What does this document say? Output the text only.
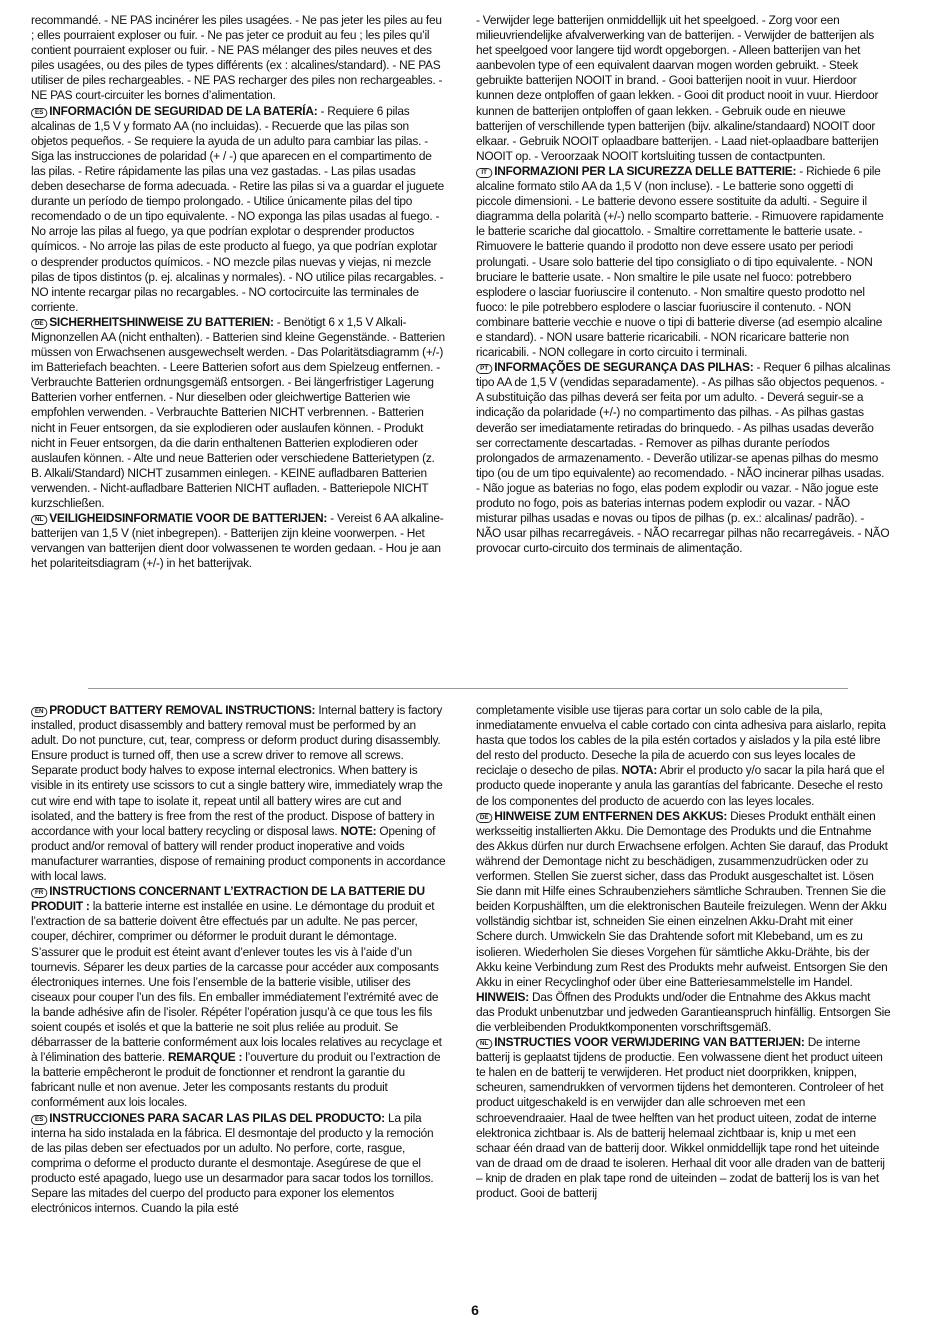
recommandé. - NE PAS incinérer les piles usagées. - Ne pas jeter les piles au feu ; elles pourraient exploser ou fuir. - Ne pas jeter ce produit au feu ; les piles qu’il contient pourraient exploser ou fuir. - NE PAS mélanger des piles neuves et des piles usagées, ou des piles de types différents (ex : alcalines/standard). - NE PAS utiliser de piles rechargeables. - NE PAS recharger des piles non rechargeables. - NE PAS court-circuiter les bornes d’alimentation.

ES INFORMACIÓN DE SEGURIDAD DE LA BATERÍA: - Requiere 6 pilas alcalinas de 1,5 V y formato AA (no incluidas). - Recuerde que las pilas son objetos pequeños. - Se requiere la ayuda de un adulto para cambiar las pilas. - Siga las instrucciones de polaridad (+ / -) que aparecen en el compartimento de las pilas. - Retire rápidamente las pilas una vez gastadas. - Las pilas usadas deben desecharse de forma adecuada. - Retire las pilas si va a guardar el juguete durante un período de tiempo prolongado. - Utilice únicamente pilas del tipo recomendado o de un tipo equivalente. - NO exponga las pilas usadas al fuego. - No arroje las pilas al fuego, ya que podrían explotar o desprender productos químicos. - No arroje las pilas de este producto al fuego, ya que podrían explotar o desprender productos químicos. - NO mezcle pilas nuevas y viejas, ni mezcle pilas de tipos distintos (p. ej. alcalinas y normales). - NO utilice pilas recargables. - NO intente recargar pilas no recargables. - NO cortocircuite las terminales de corriente.

DE SICHERHEITSHINWEISE ZU BATTERIEN: - Benötigt 6 x 1,5 V Alkali-Mignonzellen AA (nicht enthalten). - Batterien sind kleine Gegenstände. - Batterien müssen von Erwachsenen ausgewechselt werden. - Das Polaritätsdiagramm (+/-) im Batteriefach beachten. - Leere Batterien sofort aus dem Spielzeug entfernen. - Verbrauchte Batterien ordnungsgemäß entsorgen. - Bei längerfristiger Lagerung Batterien vorher entfernen. - Nur dieselben oder gleichwertige Batterien wie empfohlen verwenden. - Verbrauchte Batterien NICHT verbrennen. - Batterien nicht in Feuer entsorgen, da sie explodieren oder auslaufen können. - Produkt nicht in Feuer entsorgen, da die darin enthaltenen Batterien explodieren oder auslaufen können. - Alte und neue Batterien oder verschiedene Batterietypen (z. B. Alkali/Standard) NICHT zusammen einlegen. - KEINE aufladbaren Batterien verwenden. - Nicht-aufladbare Batterien NICHT aufladen. - Batteriepole NICHT kurzschließen.

NL VEILIGHEIDSINFORMATIE VOOR DE BATTERIJEN: - Vereist 6 AA alkaline-batterijen van 1,5 V (niet inbegrepen). - Batterijen zijn kleine voorwerpen. - Het vervangen van batterijen dient door volwassenen te worden gedaan. - Hou je aan het polariteitsdiagram (+/-) in het batterijvak.

- Verwijder lege batterijen onmiddellijk uit het speelgoed. - Zorg voor een milieuvriendelijke afvalverwerking van de batterijen. - Verwijder de batterijen als het speelgoed voor langere tijd wordt opgeborgen. - Alleen batterijen van het aanbevolen type of een equivalent daarvan mogen worden gebruikt. - Steek gebruikte batterijen NOOIT in brand. - Gooi batterijen nooit in vuur. Hierdoor kunnen deze ontploffen of gaan lekken. - Gooi dit product nooit in vuur. Hierdoor kunnen de batterijen ontploffen of gaan lekken. - Gebruik oude en nieuwe batterijen of verschillende typen batterijen (bijv. alkaline/standaard) NOOIT door elkaar. - Gebruik NOOIT oplaadbare batterijen. - Laad niet-oplaadbare batterijen NOOIT op. - Veroorzaak NOOIT kortsluiting tussen de contactpunten.

IT INFORMAZIONI PER LA SICUREZZA DELLE BATTERIE: - Richiede 6 pile alcaline formato stilo AA da 1,5 V (non incluse). - Le batterie sono oggetti di piccole dimensioni. - Le batterie devono essere sostituite da adulti. - Seguire il diagramma della polarità (+/-) nello scomparto batterie. - Rimuovere rapidamente le batterie scariche dal giocattolo. - Smaltire correttamente le batterie usate. - Rimuovere le batterie quando il prodotto non deve essere usato per periodi prolungati. - Usare solo batterie del tipo consigliato o di tipo equivalente. - NON bruciare le batterie usate. - Non smaltire le pile usate nel fuoco: potrebbero esplodere o lasciar fuoriuscire il contenuto. - Non smaltire questo prodotto nel fuoco: le pile potrebbero esplodere o lasciar fuoriuscire il contenuto. - NON combinare batterie vecchie e nuove o tipi di batterie diverse (ad esempio alcaline e standard). - NON usare batterie ricaricabili. - NON ricaricare batterie non ricaricabili. - NON collegare in corto circuito i terminali.

PT INFORMAÇÕES DE SEGURANÇA DAS PILHAS: - Requer 6 pilhas alcalinas tipo AA de 1,5 V (vendidas separadamente). - As pilhas são objectos pequenos. - A substituição das pilhas deverá ser feita por um adulto. - Deverá seguir-se a indicação da polaridade (+/-) no compartimento das pilhas. - As pilhas gastas deverão ser imediatamente retiradas do brinquedo. - As pilhas usadas deverão ser correctamente descartadas. - Remover as pilhas durante períodos prolongados de armazenamento. - Deverão utilizar-se apenas pilhas do mesmo tipo (ou de um tipo equivalente) ao recomendado. - NÃO incinerar pilhas usadas. - Não jogue as baterias no fogo, elas podem explodir ou vazar. - Não jogue este produto no fogo, pois as baterias internas podem explodir ou vazar. - NÃO misturar pilhas usadas e novas ou tipos de pilhas (p. ex.: alcalinas/ padrão). - NÃO usar pilhas recarregáveis. - NÃO recarregar pilhas não recarregáveis. - NÃO provocar curto-circuito dos terminais de alimentação.

EN PRODUCT BATTERY REMOVAL INSTRUCTIONS: Internal battery is factory installed, product disassembly and battery removal must be performed by an adult. Do not puncture, cut, tear, compress or deform product during disassembly. Ensure product is turned off, then use a screw driver to remove all screws. Separate product body halves to expose internal electronics. When battery is visible in its entirety use scissors to cut a single battery wire, immediately wrap the cut wire end with tape to isolate it, repeat until all battery wires are cut and isolated, and the battery is free from the rest of the product. Dispose of battery in accordance with your local battery recycling or disposal laws. NOTE: Opening of product and/or removal of battery will render product inoperative and voids manufacturer warranties, dispose of remaining product components in accordance with local laws.

FR INSTRUCTIONS CONCERNANT L’EXTRACTION DE LA BATTERIE DU PRODUIT : la batterie interne est installée en usine. Le démontage du produit et l’extraction de sa batterie doivent être effectués par un adulte. Ne pas percer, couper, déchirer, comprimer ou déformer le produit durant le démontage. S’assurer que le produit est éteint avant d’enlever toutes les vis à l’aide d’un tournevis. Séparer les deux parties de la carcasse pour accéder aux composants électroniques internes. Une fois l’ensemble de la batterie visible, utiliser des ciseaux pour couper l’un des fils. En emballer immédiatement l’extrémité avec de la bande adhésive afin de l’isoler. Répéter l’opération jusqu’à ce que tous les fils soient coupés et isolés et que la batterie ne soit plus reliée au produit. Se débarrasser de la batterie conformément aux lois locales relatives au recyclage et à l’élimination des batterie. REMARQUE : l’ouverture du produit ou l’extraction de la batterie empêcheront le produit de fonctionner et rendront la garantie du fabricant nulle et non avenue. Jeter les composants restants du produit conformément aux lois locales.

ES INSTRUCCIONES PARA SACAR LAS PILAS DEL PRODUCTO: La pila interna ha sido instalada en la fábrica. El desmontaje del producto y la remoción de las pilas deben ser efectuados por un adulto. No perfore, corte, rasgue, comprima o deforme el producto durante el desmontaje. Asegúrese de que el producto esté apagado, luego use un desarmador para sacar todos los tornillos. Separe las mitades del cuerpo del producto para exponer los elementos electrónicos internos. Cuando la pila esté

completamente visible use tijeras para cortar un solo cable de la pila, inmediatamente envuelva el cable cortado con cinta adhesiva para aislarlo, repita hasta que todos los cables de la pila estén cortados y aislados y la pila esté libre del resto del producto. Deseche la pila de acuerdo con sus leyes locales de reciclaje o desecho de pilas. NOTA: Abrir el producto y/o sacar la pila hará que el producto quede inoperante y anula las garantías del fabricante. Deseche el resto de los componentes del producto de acuerdo con las leyes locales.

DE HINWEISE ZUM ENTFERNEN DES AKKUS: Dieses Produkt enthält einen werksseitig installierten Akku. Die Demontage des Produkts und die Entnahme des Akkus dürfen nur durch Erwachsene erfolgen. Achten Sie darauf, das Produkt während der Demontage nicht zu beschädigen, zusammenzudrücken oder zu verformen. Stellen Sie zuerst sicher, dass das Produkt ausgeschaltet ist. Lösen Sie dann mit Hilfe eines Schraubenziehers sämtliche Schrauben. Trennen Sie die beiden Korpushälften, um die elektronischen Bauteile freizulegen. Wenn der Akku vollständig sichtbar ist, schneiden Sie einen einzelnen Akku-Draht mit einer Schere durch. Umwickeln Sie das Drahtende sofort mit Klebeband, um es zu isolieren. Wiederholen Sie dieses Vorgehen für sämtliche Akku-Drähte, bis der Akku keine Verbindung zum Rest des Produkts mehr aufweist. Entsorgen Sie den Akku in einer Recyclinghof oder über eine Batteriesammelstelle im Handel. HINWEIS: Das Öffnen des Produkts und/oder die Entnahme des Akkus macht das Produkt unbenutzbar und jedweden Garantieanspruch hinfällig. Entsorgen Sie die verbleibenden Produktkomponenten vorschriftsgemäß.

NL INSTRUCTIES VOOR VERWIJDERING VAN BATTERIJEN: De interne batterij is geplaatst tijdens de productie. Een volwassene dient het product uiteen te halen en de batterij te verwijderen. Het product niet doorprikken, knippen, scheuren, samendrukken of vervormen tijdens het demonteren. Controleer of het product uitgeschakeld is en verwijder dan alle schroeven met een schroevendraaier. Haal de twee helften van het product uiteen, zodat de interne elektronica zichtbaar is. Als de batterij helemaal zichtbaar is, knip u met een schaar één draad van de batterij door. Wikkel onmiddellijk tape rond het uiteinde van de draad om de draad te isoleren. Herhaal dit voor alle draden van de batterij – knip de draden en plak tape rond de uiteinden – zodat de batterij los is van het product. Gooi de batterij

6
